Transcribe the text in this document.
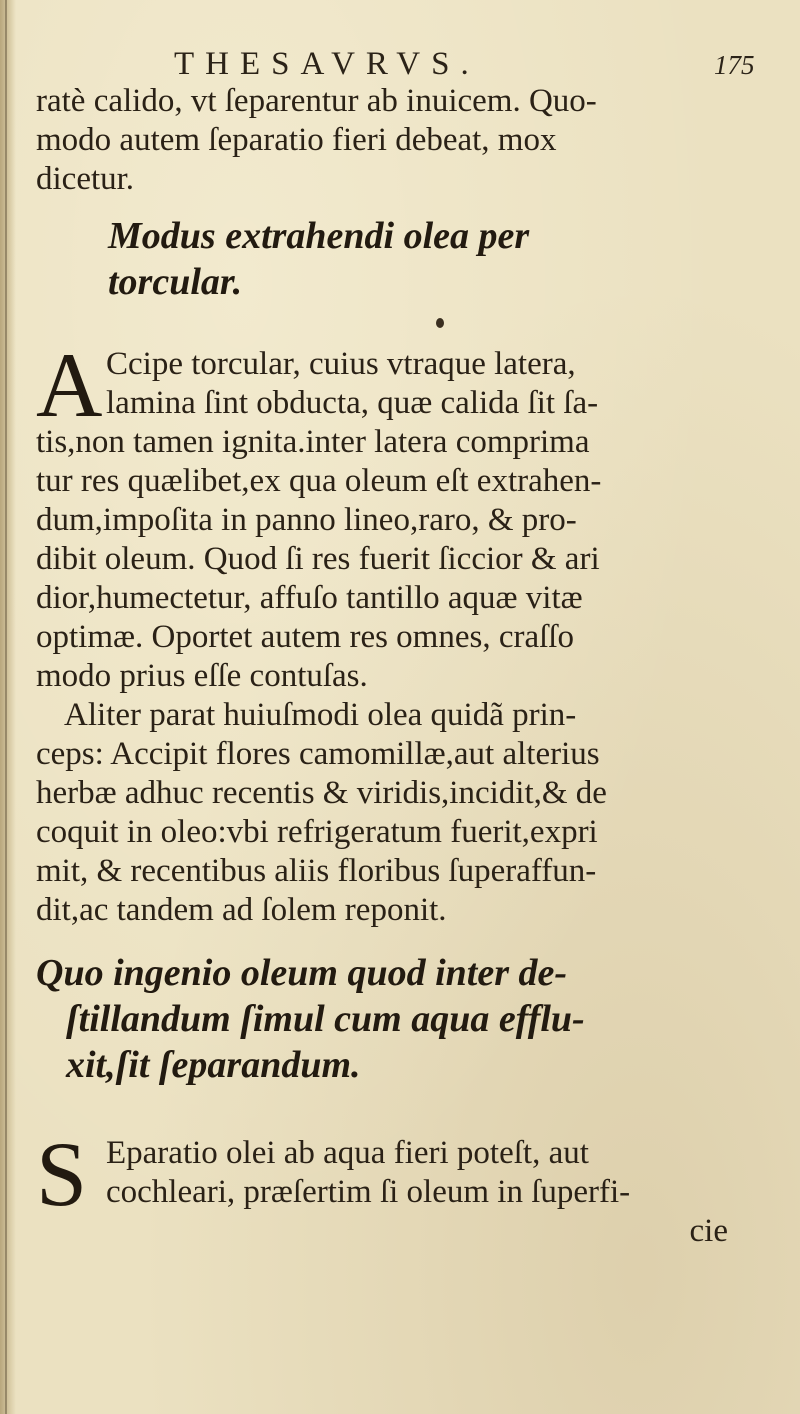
THESAVRVS.	175
ratè calido, vt ſeparentur ab inuicem. Quo-
modo autem ſeparatio fieri debeat, mox
dicetur.
Modus extrahendi olea per
torcular.
A Ccipe torcular, cuius vtraque latera,
lamina ſint obducta, quæ calida ſit ſa-
tis,non tamen ignita.inter latera comprima
tur res quælibet,ex qua oleum eſt extrahen-
dum,impoſita in panno lineo,raro, & pro-
dibit oleum. Quod ſi res fuerit ſiccior & ari
dior,humectetur, affuſo tantillo aquæ vitæ
optimæ. Oportet autem res omnes, craſſo
modo prius eſſe contuſas.
Aliter parat huiuſmodi olea quidã prin-
ceps: Accipit flores camomillæ,aut alterius
herbæ adhuc recentis & viridis,incidit,& de
coquit in oleo:vbi refrigeratum fuerit,expri
mit, & recentibus aliis floribus ſuperaffun-
dit,ac tandem ad ſolem reponit.
Quo ingenio oleum quod inter de-
ſtillandum ſimul cum aqua efflu-
xit,ſit ſeparandum.
S Eparatio olei ab aqua fieri poteſt, aut
cochleari, præſertim ſi oleum in ſuperfi-
cie
